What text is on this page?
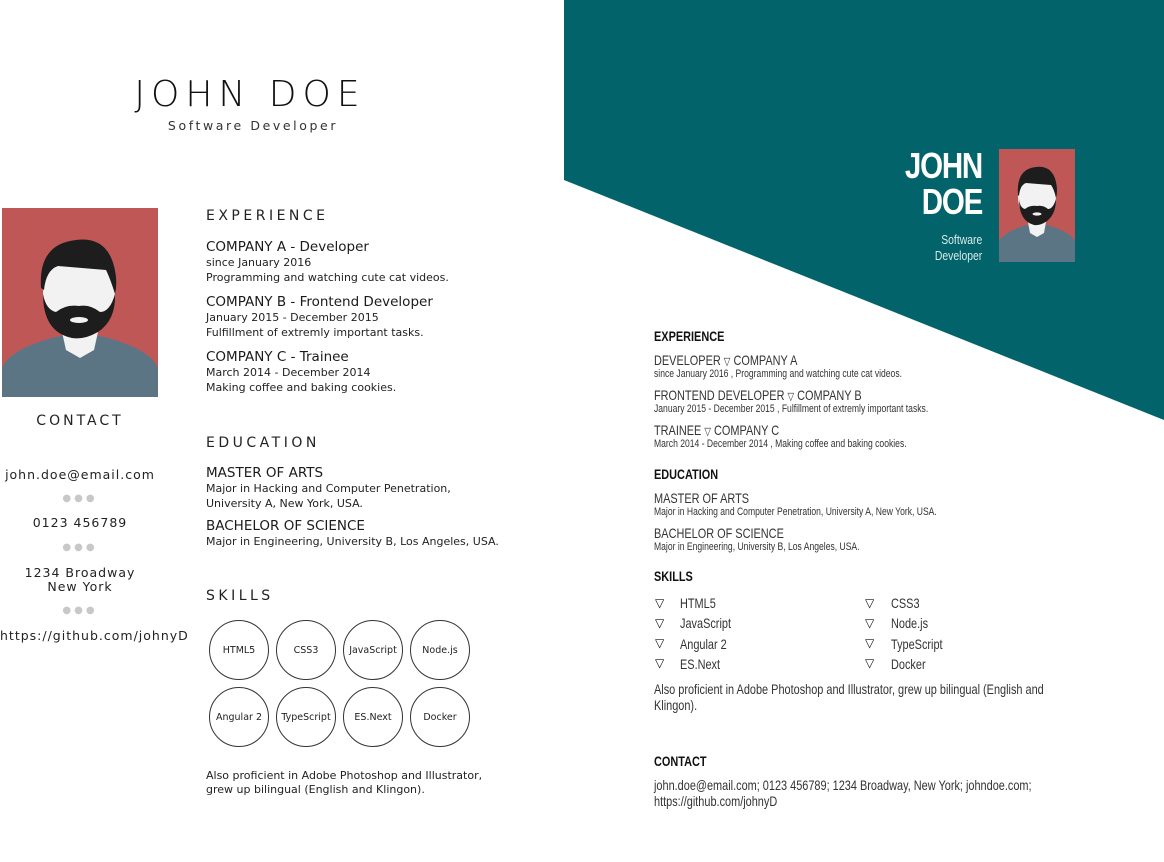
JOHN DOE
Software Developer
CONTACT
john.doe@email.com
●●●
0123 456789
●●●
1234 Broadway
New York
●●●
https://github.com/johnyD
EXPERIENCE
COMPANY A - Developer
since January 2016
Programming and watching cute cat videos.
COMPANY B - Frontend Developer
January 2015 - December 2015
Fulfillment of extremly important tasks.
COMPANY C - Trainee
March 2014 - December 2014
Making coffee and baking cookies.
EDUCATION
MASTER OF ARTS
Major in Hacking and Computer Penetration,
University A, New York, USA.
BACHELOR OF SCIENCE
Major in Engineering, University B, Los Angeles, USA.
SKILLS
HTML5	CSS3	JavaScript	Node.js
Angular 2	TypeScript	ES.Next	Docker
Also proficient in Adobe Photoshop and Illustrator,
grew up bilingual (English and Klingon).
JOHN
DOE
Software
Developer
EXPERIENCE
DEVELOPER ▽ COMPANY A
since January 2016 , Programming and watching cute cat videos.
FRONTEND DEVELOPER ▽ COMPANY B
January 2015 - December 2015 , Fulfillment of extremly important tasks.
TRAINEE ▽ COMPANY C
March 2014 - December 2014 , Making coffee and baking cookies.
EDUCATION
MASTER OF ARTS
Major in Hacking and Computer Penetration, University A, New York, USA.
BACHELOR OF SCIENCE
Major in Engineering, University B, Los Angeles, USA.
SKILLS
▽ HTML5
▽ JavaScript
▽ Angular 2
▽ ES.Next
▽ CSS3
▽ Node.js
▽ TypeScript
▽ Docker
Also proficient in Adobe Photoshop and Illustrator, grew up bilingual (English and Klingon).
CONTACT
john.doe@email.com; 0123 456789; 1234 Broadway, New York; johndoe.com; https://github.com/johnyD
